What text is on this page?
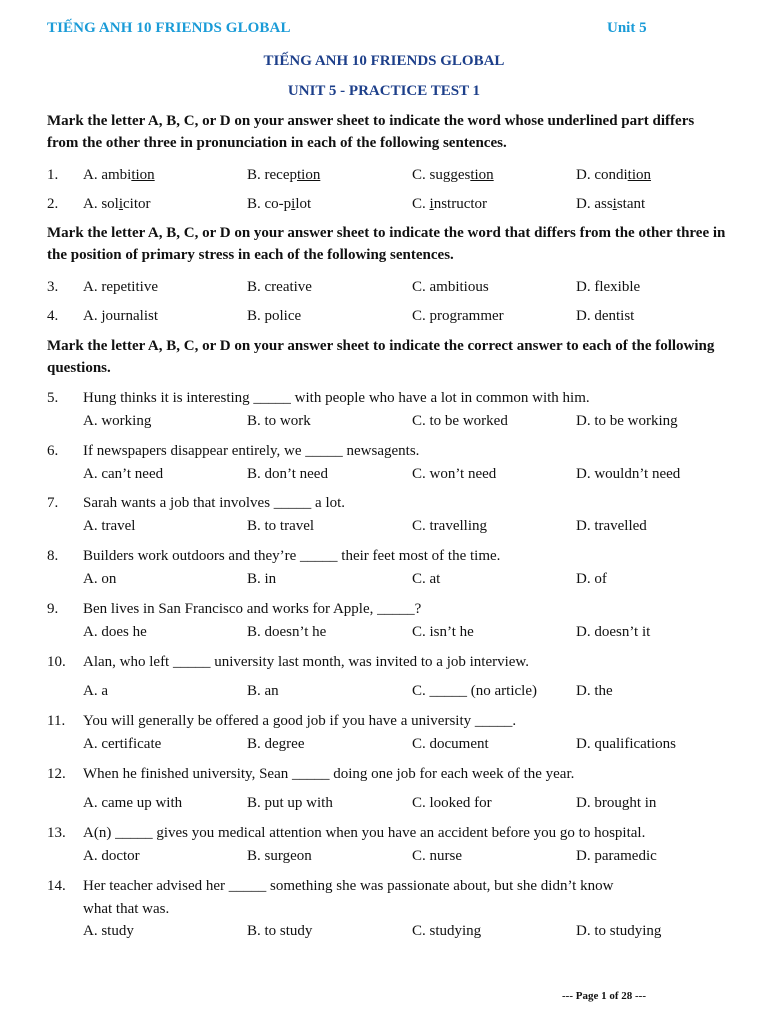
TIẾNG ANH 10 FRIENDS GLOBAL	Unit 5
TIẾNG ANH 10 FRIENDS GLOBAL
UNIT 5 - PRACTICE TEST 1
Mark the letter A, B, C, or D on your answer sheet to indicate the word whose underlined part differs from the other three in pronunciation in each of the following sentences.
1. A. ambition	B. reception	C. suggestion	D. condition
2. A. solicitor	B. co-pilot	C. instructor	D. assistant
Mark the letter A, B, C, or D on your answer sheet to indicate the word that differs from the other three in the position of primary stress in each of the following sentences.
3. A. repetitive	B. creative	C. ambitious	D. flexible
4. A. journalist	B. police	C. programmer	D. dentist
Mark the letter A, B, C, or D on your answer sheet to indicate the correct answer to each of the following questions.
5. Hung thinks it is interesting _____ with people who have a lot in common with him.
A. working	B. to work	C. to be worked	D. to be working
6. If newspapers disappear entirely, we _____ newsagents.
A. can’t need	B. don’t need	C. won’t need	D. wouldn’t need
7. Sarah wants a job that involves _____ a lot.
A. travel	B. to travel	C. travelling	D. travelled
8. Builders work outdoors and they’re _____ their feet most of the time.
A. on	B. in	C. at	D. of
9. Ben lives in San Francisco and works for Apple, _____?
A. does he	B. doesn’t he	C. isn’t he	D. doesn’t it
10. Alan, who left _____ university last month, was invited to a job interview.
A. a	B. an	C. _____ (no article)	D. the
11. You will generally be offered a good job if you have a university _____.
A. certificate	B. degree	C. document	D. qualifications
12. When he finished university, Sean _____ doing one job for each week of the year.
A. came up with	B. put up with	C. looked for	D. brought in
13. A(n) _____ gives you medical attention when you have an accident before you go to hospital.
A. doctor	B. surgeon	C. nurse	D. paramedic
14. Her teacher advised her _____ something she was passionate about, but she didn’t know
what that was.
A. study	B. to study	C. studying	D. to studying
--- Page 1 of 28 ---
